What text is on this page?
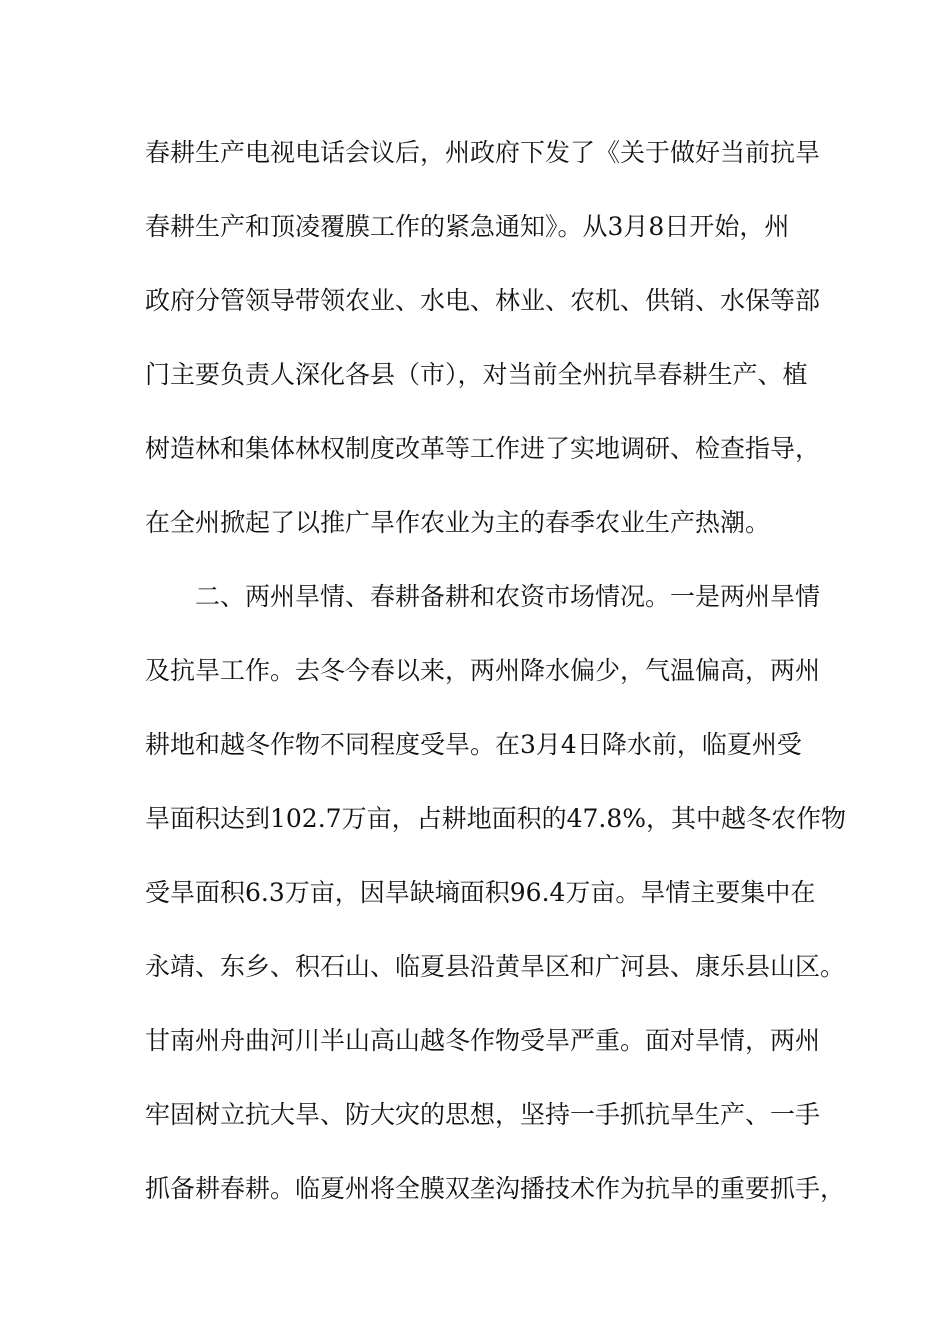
春耕生产电视电话会议后，州政府下发了《关于做好当前抗旱
春耕生产和顶凌覆膜工作的紧急通知》。从3月8日开始，州
政府分管领导带领农业、水电、林业、农机、供销、水保等部
门主要负责人深化各县（市），对当前全州抗旱春耕生产、植
树造林和集体林权制度改革等工作进了实地调研、检查指导，
在全州掀起了以推广旱作农业为主的春季农业生产热潮。
二、两州旱情、春耕备耕和农资市场情况。一是两州旱情
及抗旱工作。去冬今春以来，两州降水偏少，气温偏高，两州
耕地和越冬作物不同程度受旱。在3月4日降水前，临夏州受
旱面积达到102.7万亩，占耕地面积的47.8%，其中越冬农作物
受旱面积6.3万亩，因旱缺墒面积96.4万亩。旱情主要集中在
永靖、东乡、积石山、临夏县沿黄旱区和广河县、康乐县山区。
甘南州舟曲河川半山高山越冬作物受旱严重。面对旱情，两州
牢固树立抗大旱、防大灾的思想，坚持一手抓抗旱生产、一手
抓备耕春耕。临夏州将全膜双垄沟播技术作为抗旱的重要抓手，
